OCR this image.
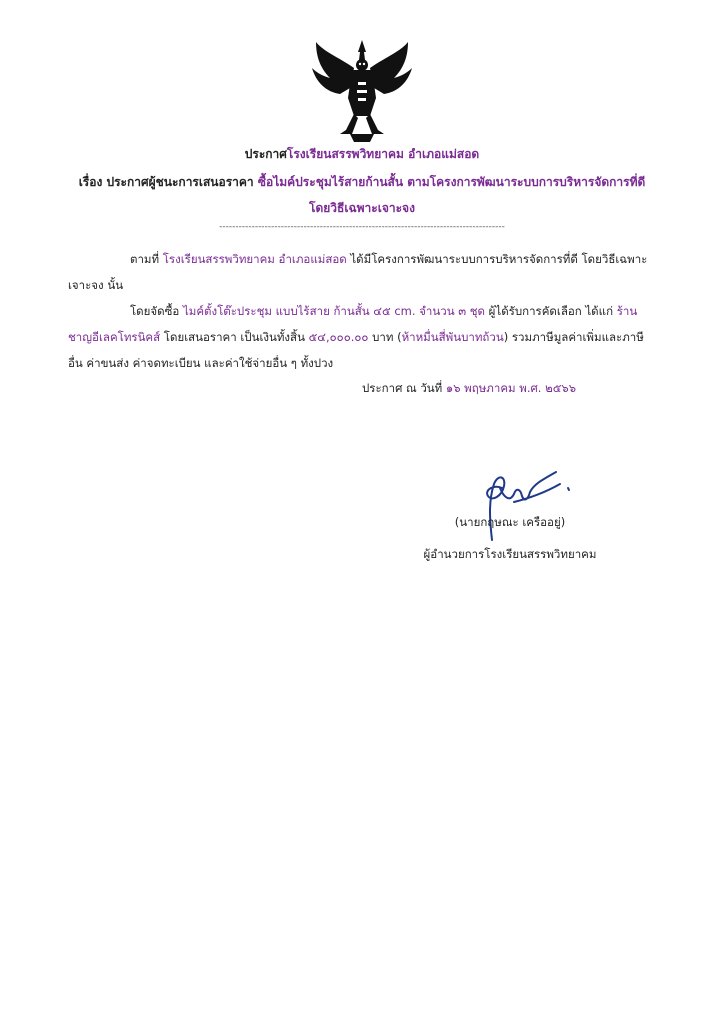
ประกาศโรงเรียนสรรพวิทยาคม อำเภอแม่สอด
เรื่อง ประกาศผู้ชนะการเสนอราคา ซื้อไมค์ประชุมไร้สายก้านสั้น ตามโครงการพัฒนาระบบการบริหารจัดการที่ดี
โดยวิธีเฉพาะเจาะจง
----------------------------------------------------------------------------------------
ตามที่ โรงเรียนสรรพวิทยาคม อำเภอแม่สอด ได้มีโครงการพัฒนาระบบการบริหารจัดการที่ดี โดยวิธีเฉพาะเจาะจง นั้น
โดยจัดซื้อ ไมค์ตั้งโต๊ะประชุม แบบไร้สาย ก้านสั้น ๔๕ cm. จำนวน ๓ ชุด ผู้ได้รับการคัดเลือก ได้แก่ ร้านชาญอีเลคโทรนิคส์ โดยเสนอราคา เป็นเงินทั้งสิ้น ๕๔,๐๐๐.๐๐ บาท (ห้าหมื่นสี่พันบาทถ้วน) รวมภาษีมูลค่าเพิ่มและภาษีอื่น ค่าขนส่ง ค่าจดทะเบียน และค่าใช้จ่ายอื่น ๆ ทั้งปวง
ประกาศ ณ วันที่ ๑๖ พฤษภาคม พ.ศ. ๒๕๖๖
(นายกฤษณะ เครืออยู่)
ผู้อำนวยการโรงเรียนสรรพวิทยาคม
